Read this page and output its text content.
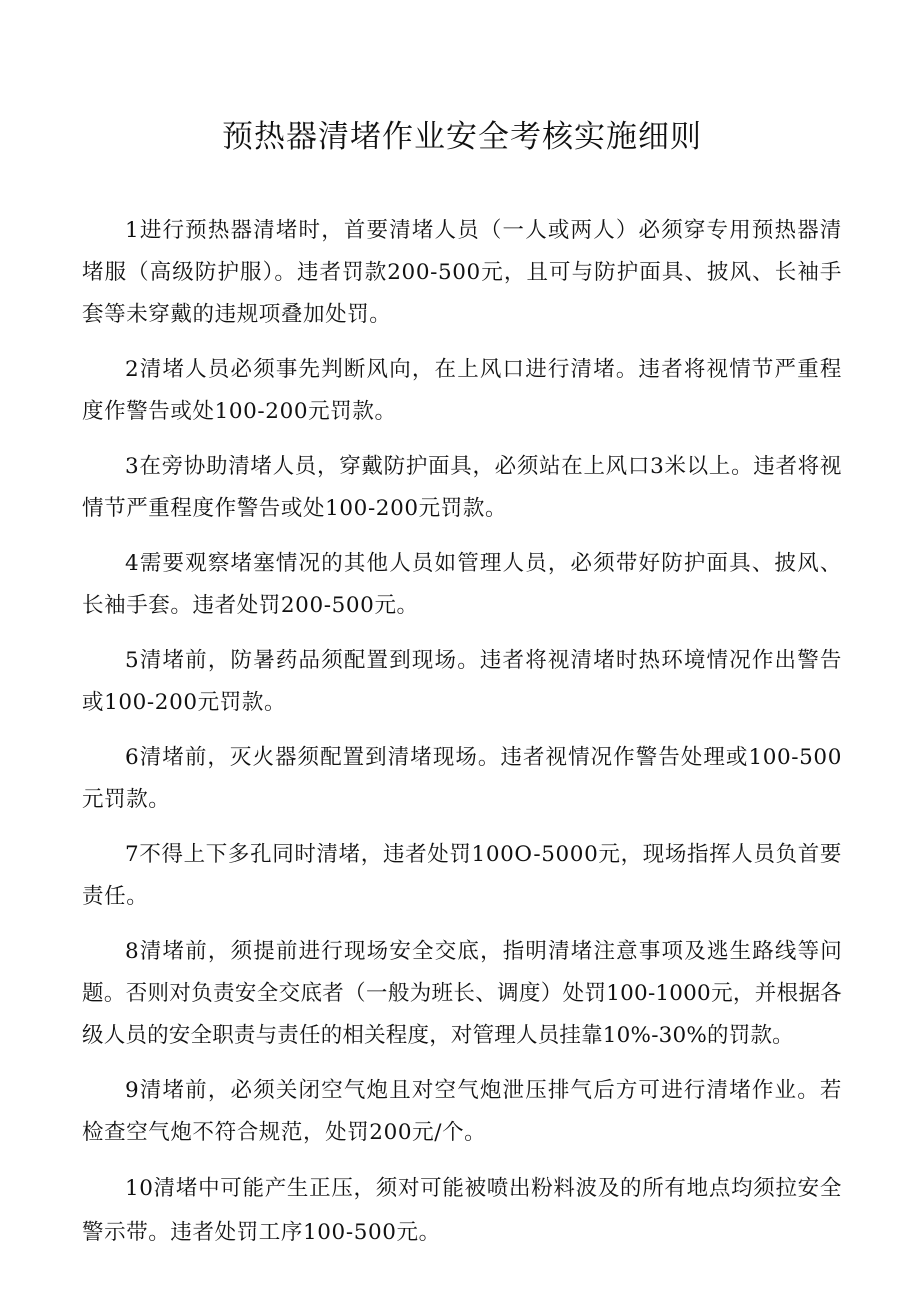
预热器清堵作业安全考核实施细则

1进行预热器清堵时，首要清堵人员（一人或两人）必须穿专用预热器清堵服（高级防护服）。违者罚款200-500元，且可与防护面具、披风、长袖手套等未穿戴的违规项叠加处罚。

2清堵人员必须事先判断风向，在上风口进行清堵。违者将视情节严重程度作警告或处100-200元罚款。

3在旁协助清堵人员，穿戴防护面具，必须站在上风口3米以上。违者将视情节严重程度作警告或处100-200元罚款。

4需要观察堵塞情况的其他人员如管理人员，必须带好防护面具、披风、长袖手套。违者处罚200-500元。

5清堵前，防暑药品须配置到现场。违者将视清堵时热环境情况作出警告或100-200元罚款。

6清堵前，灭火器须配置到清堵现场。违者视情况作警告处理或100-500元罚款。

7不得上下多孔同时清堵，违者处罚100O-5000元，现场指挥人员负首要责任。

8清堵前，须提前进行现场安全交底，指明清堵注意事项及逃生路线等问题。否则对负责安全交底者（一般为班长、调度）处罚100-1000元，并根据各级人员的安全职责与责任的相关程度，对管理人员挂靠10%-30%的罚款。

9清堵前，必须关闭空气炮且对空气炮泄压排气后方可进行清堵作业。若检查空气炮不符合规范，处罚200元/个。

10清堵中可能产生正压，须对可能被喷出粉料波及的所有地点均须拉安全警示带。违者处罚工序100-500元。
